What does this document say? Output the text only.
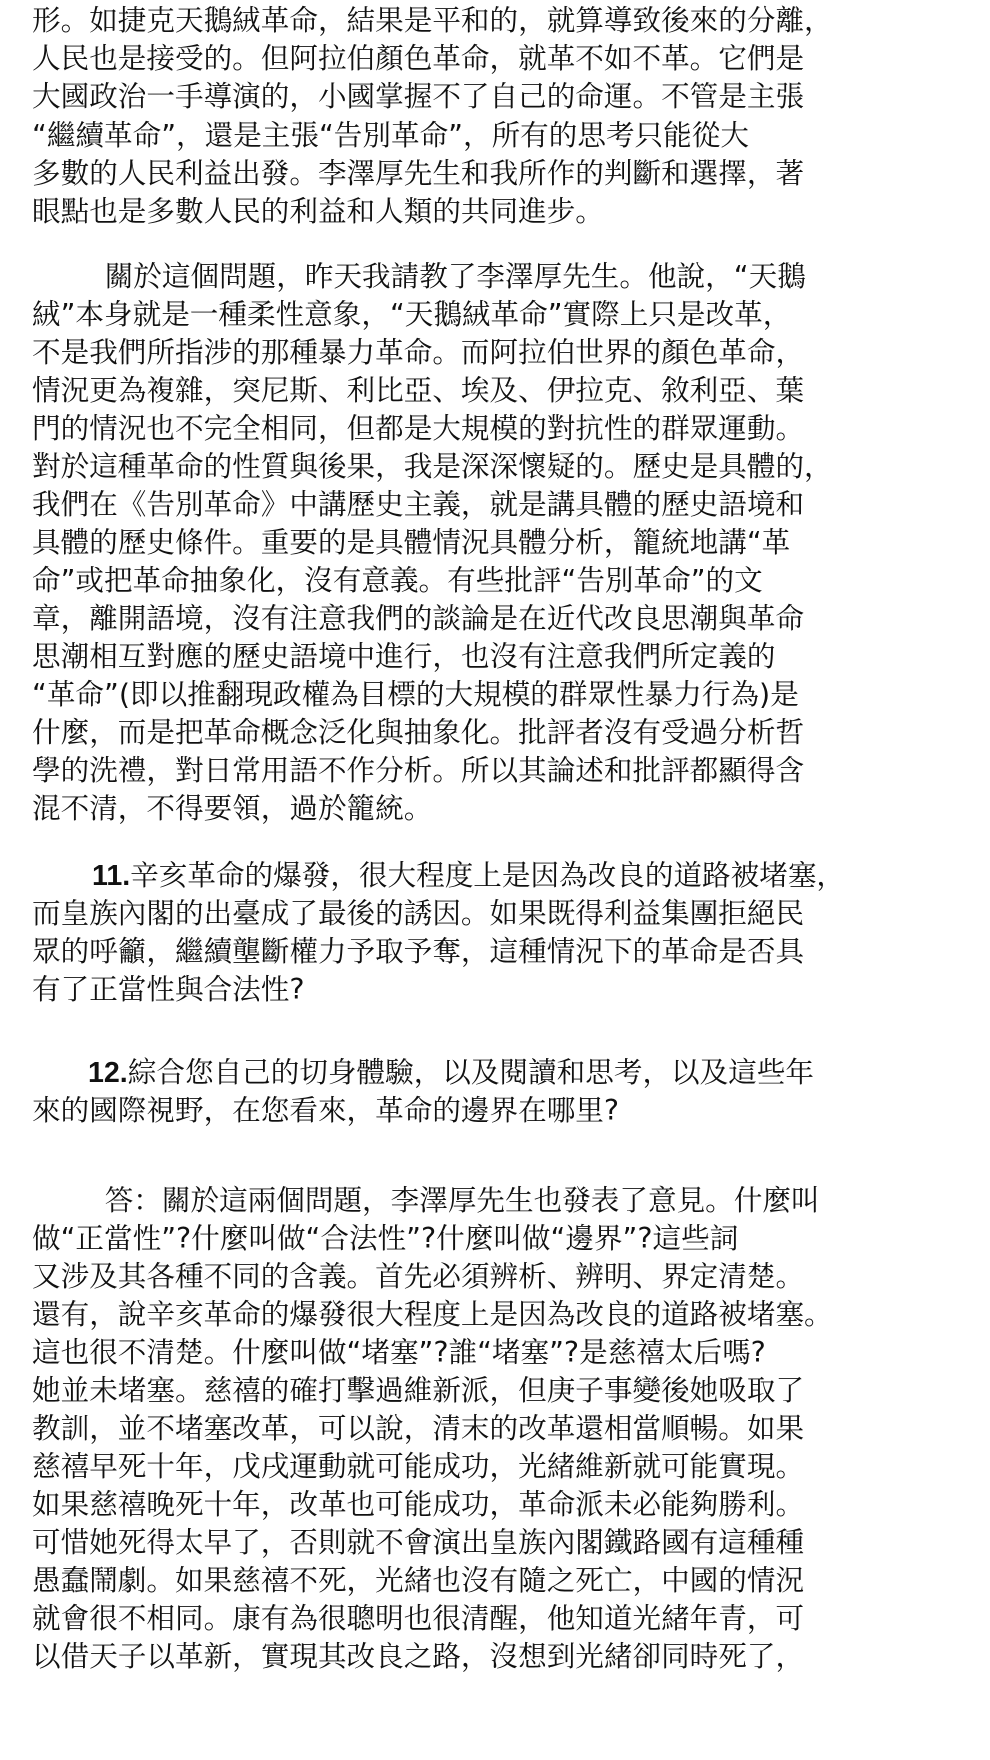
形。如捷克天鵝絨革命，結果是平和的，就算導致後來的分離，
人民也是接受的。但阿拉伯顏色革命，就革不如不革。它們是
大國政治一手導演的，小國掌握不了自己的命運。不管是主張
“繼續革命”，還是主張“告別革命”，所有的思考只能從大
多數的人民利益出發。李澤厚先生和我所作的判斷和選擇，著
眼點也是多數人民的利益和人類的共同進步。
關於這個問題，昨天我請教了李澤厚先生。他說，“天鵝
絨”本身就是一種柔性意象，“天鵝絨革命”實際上只是改革，
不是我們所指涉的那種暴力革命。而阿拉伯世界的顏色革命，
情況更為複雜，突尼斯、利比亞、埃及、伊拉克、敘利亞、葉
門的情況也不完全相同，但都是大規模的對抗性的群眾運動。
對於這種革命的性質與後果，我是深深懷疑的。歷史是具體的，
我們在《告別革命》中講歷史主義，就是講具體的歷史語境和
具體的歷史條件。重要的是具體情況具體分析，籠統地講“革
命”或把革命抽象化，沒有意義。有些批評“告別革命”的文
章，離開語境，沒有注意我們的談論是在近代改良思潮與革命
思潮相互對應的歷史語境中進行，也沒有注意我們所定義的
“革命”(即以推翻現政權為目標的大規模的群眾性暴力行為)是
什麼，而是把革命概念泛化與抽象化。批評者沒有受過分析哲
學的洗禮，對日常用語不作分析。所以其論述和批評都顯得含
混不清，不得要領，過於籠統。
11.辛亥革命的爆發，很大程度上是因為改良的道路被堵塞，
而皇族內閣的出臺成了最後的誘因。如果既得利益集團拒絕民
眾的呼籲，繼續壟斷權力予取予奪，這種情況下的革命是否具
有了正當性與合法性?
12.綜合您自己的切身體驗，以及閱讀和思考，以及這些年
來的國際視野，在您看來，革命的邊界在哪里?
答：關於這兩個問題，李澤厚先生也發表了意見。什麼叫
做“正當性”?什麼叫做“合法性”?什麼叫做“邊界”?這些詞
又涉及其各種不同的含義。首先必須辨析、辨明、界定清楚。
還有，說辛亥革命的爆發很大程度上是因為改良的道路被堵塞。
這也很不清楚。什麼叫做“堵塞”?誰“堵塞”?是慈禧太后嗎?
她並未堵塞。慈禧的確打擊過維新派，但庚子事變後她吸取了
教訓，並不堵塞改革，可以說，清末的改革還相當順暢。如果
慈禧早死十年，戊戌運動就可能成功，光緒維新就可能實現。
如果慈禧晚死十年，改革也可能成功，革命派未必能夠勝利。
可惜她死得太早了，否則就不會演出皇族內閣鐵路國有這種種
愚蠢鬧劇。如果慈禧不死，光緒也沒有隨之死亡，中國的情況
就會很不相同。康有為很聰明也很清醒，他知道光緒年青，可
以借天子以革新，實現其改良之路，沒想到光緒卻同時死了，
